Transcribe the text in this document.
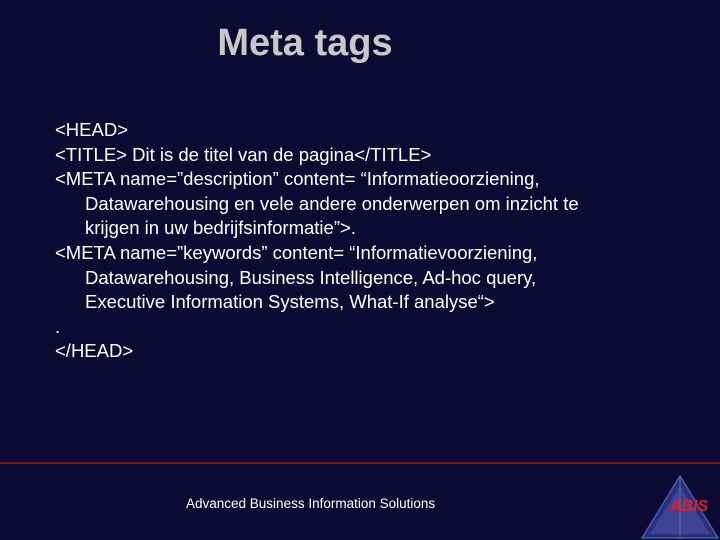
Meta tags
<HEAD>
<TITLE> Dit is de titel van de pagina</TITLE>
<META name=”description” content= “Informatieoorziening,
Datawarehousing en vele andere onderwerpen om inzicht te
krijgen in uw bedrijfsinformatie”>.
<META name=”keywords” content= “Informatievoorziening,
Datawarehousing, Business Intelligence, Ad-hoc query,
Executive Information Systems, What-If analyse“>
.
</HEAD>
Advanced Business Information Solutions	ABIS
